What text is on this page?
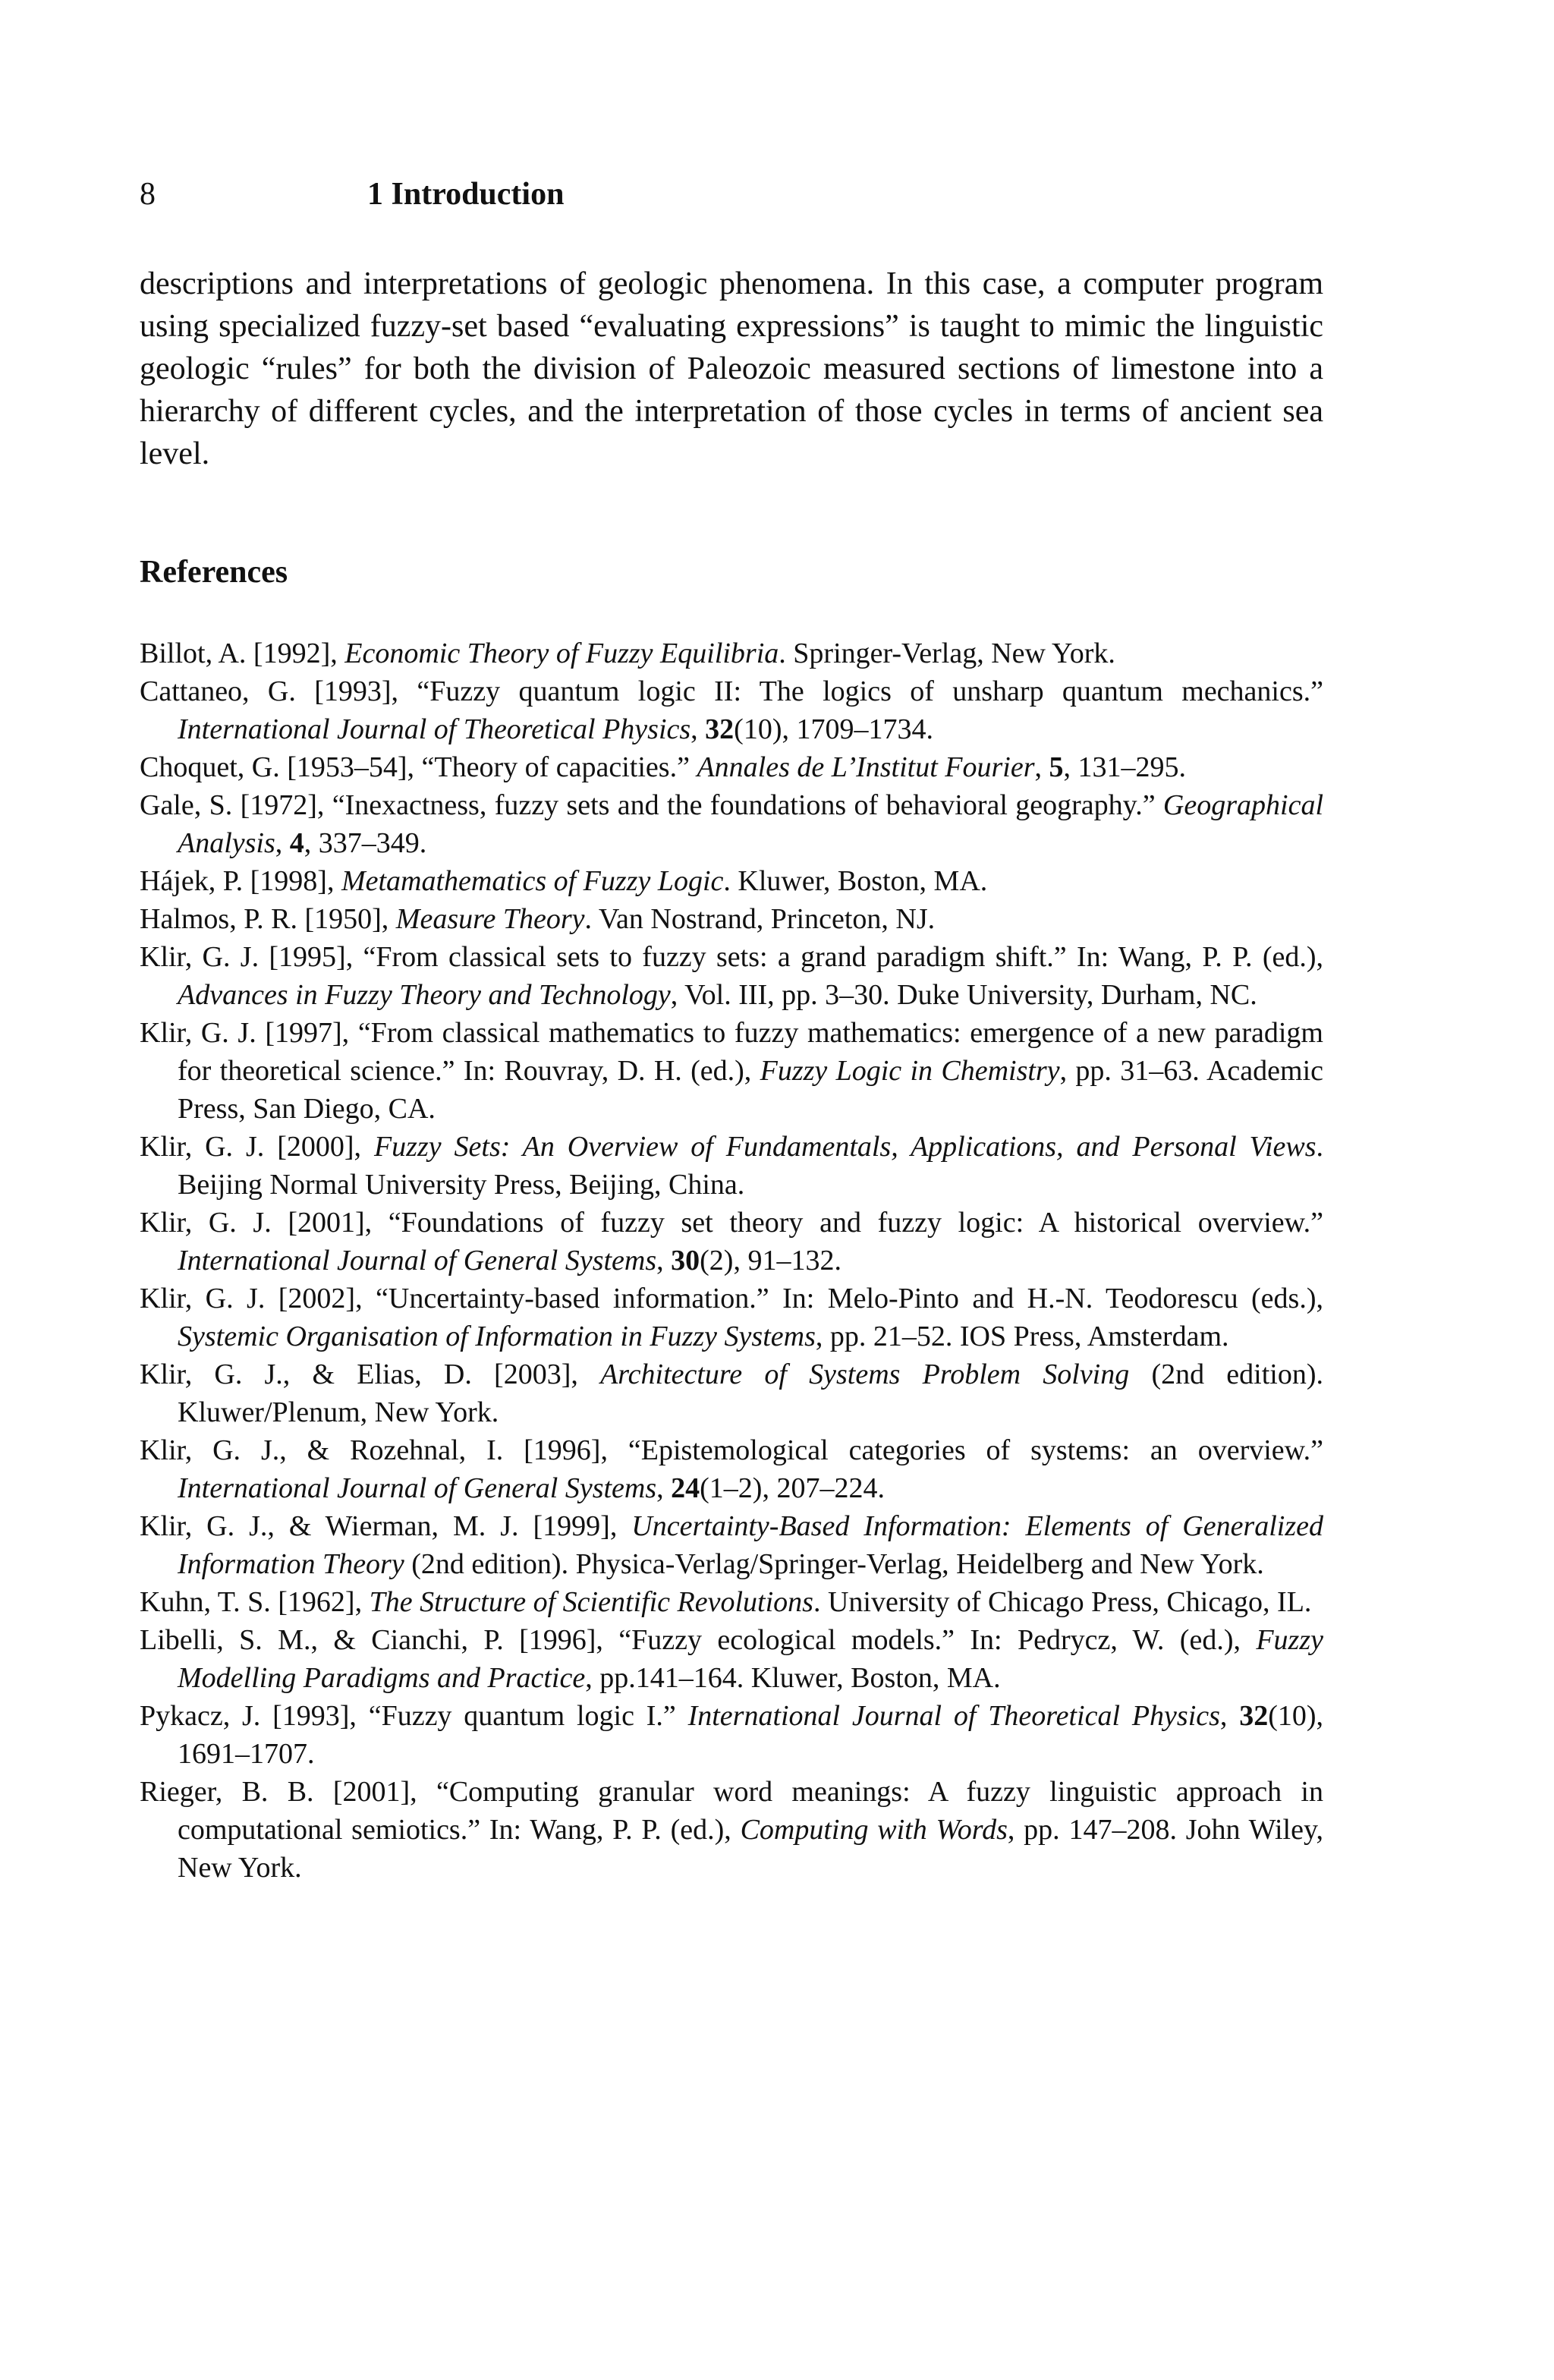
8	1 Introduction

descriptions and interpretations of geologic phenomena. In this case, a computer program using specialized fuzzy-set based “evaluating expressions” is taught to mimic the linguistic geologic “rules” for both the division of Paleozoic measured sections of limestone into a hierarchy of different cycles, and the interpretation of those cycles in terms of ancient sea level.

References
Billot, A. [1992], Economic Theory of Fuzzy Equilibria. Springer-Verlag, New York.
Cattaneo, G. [1993], “Fuzzy quantum logic II: The logics of unsharp quantum mechanics.” International Journal of Theoretical Physics, 32(10), 1709–1734.
Choquet, G. [1953–54], “Theory of capacities.” Annales de L’Institut Fourier, 5, 131–295.
Gale, S. [1972], “Inexactness, fuzzy sets and the foundations of behavioral geography.” Geographical Analysis, 4, 337–349.
Hájek, P. [1998], Metamathematics of Fuzzy Logic. Kluwer, Boston, MA.
Halmos, P. R. [1950], Measure Theory. Van Nostrand, Princeton, NJ.
Klir, G. J. [1995], “From classical sets to fuzzy sets: a grand paradigm shift.” In: Wang, P. P. (ed.), Advances in Fuzzy Theory and Technology, Vol. III, pp. 3–30. Duke University, Durham, NC.
Klir, G. J. [1997], “From classical mathematics to fuzzy mathematics: emergence of a new paradigm for theoretical science.” In: Rouvray, D. H. (ed.), Fuzzy Logic in Chemistry, pp. 31–63. Academic Press, San Diego, CA.
Klir, G. J. [2000], Fuzzy Sets: An Overview of Fundamentals, Applications, and Personal Views. Beijing Normal University Press, Beijing, China.
Klir, G. J. [2001], “Foundations of fuzzy set theory and fuzzy logic: A historical overview.” International Journal of General Systems, 30(2), 91–132.
Klir, G. J. [2002], “Uncertainty-based information.” In: Melo-Pinto and H.-N. Teodorescu (eds.), Systemic Organisation of Information in Fuzzy Systems, pp. 21–52. IOS Press, Amsterdam.
Klir, G. J., & Elias, D. [2003], Architecture of Systems Problem Solving (2nd edition). Kluwer/Plenum, New York.
Klir, G. J., & Rozehnal, I. [1996], “Epistemological categories of systems: an overview.” International Journal of General Systems, 24(1–2), 207–224.
Klir, G. J., & Wierman, M. J. [1999], Uncertainty-Based Information: Elements of Generalized Information Theory (2nd edition). Physica-Verlag/Springer-Verlag, Heidelberg and New York.
Kuhn, T. S. [1962], The Structure of Scientific Revolutions. University of Chicago Press, Chicago, IL.
Libelli, S. M., & Cianchi, P. [1996], “Fuzzy ecological models.” In: Pedrycz, W. (ed.), Fuzzy Modelling Paradigms and Practice, pp.141–164. Kluwer, Boston, MA.
Pykacz, J. [1993], “Fuzzy quantum logic I.” International Journal of Theoretical Physics, 32(10), 1691–1707.
Rieger, B. B. [2001], “Computing granular word meanings: A fuzzy linguistic approach in computational semiotics.” In: Wang, P. P. (ed.), Computing with Words, pp. 147–208. John Wiley, New York.
